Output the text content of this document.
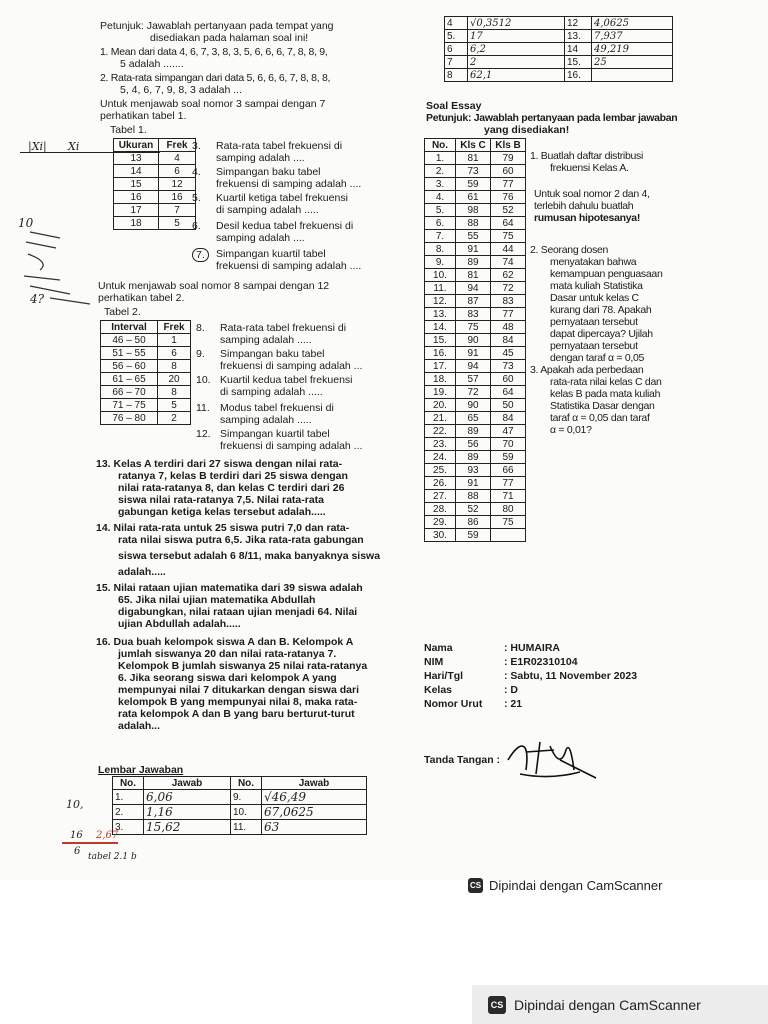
Petunjuk: Jawablah pertanyaan pada tempat yang
disediakan pada halaman soal ini!
1. Mean dari data 4, 6, 7, 3, 8, 3, 5, 6, 6, 6, 7, 8, 8, 9,
5 adalah .......
2. Rata-rata simpangan dari data 5, 6, 6, 6, 7, 8, 8, 8,
5, 4, 6, 7, 9, 8, 3 adalah ...
Untuk menjawab soal nomor 3 sampai dengan 7
perhatikan tabel 1.
Tabel 1.
|Xi| Xi	Ukuran	Frek
13	4
14	6
15	12
16	16
17	7
18	5
10
4?
3. Rata-rata tabel frekuensi di
samping adalah ....
4. Simpangan baku tabel
frekuensi di samping adalah ....
5. Kuartil ketiga tabel frekuensi
di samping adalah .....
6. Desil kedua tabel frekuensi di
samping adalah ....
7.	Simpangan kuartil tabel
frekuensi di samping adalah ....
Untuk menjawab soal nomor 8 sampai dengan 12
perhatikan tabel 2.
Tabel 2.
Interval	Frek
46 – 50	1
51 – 55	6
56 – 60	8
61 – 65	20
66 – 70	8
71 – 75	5
76 – 80	2
8. Rata-rata tabel frekuensi di
samping adalah .....
9. Simpangan baku tabel
frekuensi di samping adalah ...
10. Kuartil kedua tabel frekuensi
di samping adalah .....
11. Modus tabel frekuensi di
samping adalah .....
12. Simpangan kuartil tabel
frekuensi di samping adalah ...
13. Kelas A terdiri dari 27 siswa dengan nilai rata-
ratanya 7, kelas B terdiri dari 25 siswa dengan
nilai rata-ratanya 8, dan kelas C terdiri dari 26
siswa nilai rata-ratanya 7,5. Nilai rata-rata
gabungan ketiga kelas tersebut adalah.....
14. Nilai rata-rata untuk 25 siswa putri 7,0 dan rata-
rata nilai siswa putra 6,5. Jika rata-rata gabungan
siswa tersebut adalah 6 8/11, maka banyaknya siswa
adalah.....
15. Nilai rataan ujian matematika dari 39 siswa adalah
65. Jika nilai ujian matematika Abdullah
digabungkan, nilai rataan ujian menjadi 64. Nilai
ujian Abdullah adalah.....
16. Dua buah kelompok siswa A dan B. Kelompok A
jumlah siswanya 20 dan nilai rata-ratanya 7.
Kelompok B jumlah siswanya 25 nilai rata-ratanya
6. Jika seorang siswa dari kelompok A yang
mempunyai nilai 7 ditukarkan dengan siswa dari
kelompok B yang mempunyai nilai 8, maka rata-
rata kelompok A dan B yang baru berturut-turut
adalah...
Lembar Jawaban
No.	Jawab	No.	Jawab
1.	6,06	9.	√46,49
2.	1,16	10.	67,0625
3.	15,62	11.	63
10,
16 2,67
6 tabel 2.1 b
4	√0,3512	12	4,0625
5.	17	13.	7,937
6	6,2	14	49,219
7	2	15.	25
8	62,1	16.	
Soal Essay
Petunjuk: Jawablah pertanyaan pada lembar jawaban
yang disediakan!
No.	Kls C	Kls B
1.	81	79
2.	73	60
3.	59	77
4.	61	76
5.	98	52
6.	88	64
7.	55	75
8.	91	44
9.	89	74
10.	81	62
11.	94	72
12.	87	83
13.	83	77
14.	75	48
15.	90	84
16.	91	45
17.	94	73
18.	57	60
19.	72	64
20.	90	50
21.	65	84
22.	89	47
23.	56	70
24.	89	59
25.	93	66
26.	91	77
27.	88	71
28.	52	80
29.	86	75
30.	59	
1. Buatlah daftar distribusi
frekuensi Kelas A.
Untuk soal nomor 2 dan 4,
terlebih dahulu buatlah
rumusan hipotesanya!
2. Seorang dosen
menyatakan bahwa
kemampuan penguasaan
mata kuliah Statistika
Dasar untuk kelas C
kurang dari 78. Apakah
pernyataan tersebut
dapat dipercaya? Ujilah
pernyataan tersebut
dengan taraf α = 0,05
3. Apakah ada perbedaan
rata-rata nilai kelas C dan
kelas B pada mata kuliah
Statistika Dasar dengan
taraf α = 0,05 dan taraf
α = 0,01?
Nama	: HUMAIRA
NIM	: E1R02310104
Hari/Tgl	: Sabtu, 11 November 2023
Kelas	: D
Nomor Urut : 21
Tanda Tangan :
CS Dipindai dengan CamScanner
CS Dipindai dengan CamScanner
